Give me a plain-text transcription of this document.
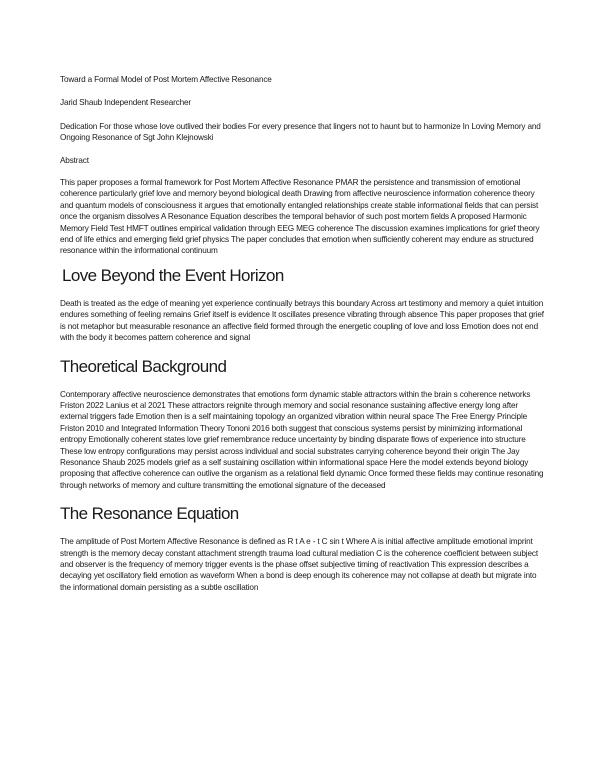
Toward a Formal Model of Post Mortem Affective Resonance

Jarid Shaub Independent Researcher

Dedication For those whose love outlived their bodies For every presence that lingers not to haunt but to harmonize In Loving Memory and Ongoing Resonance of Sgt John Klejnowski

Abstract

This paper proposes a formal framework for Post Mortem Affective Resonance PMAR the persistence and transmission of emotional coherence particularly grief love and memory beyond biological death Drawing from affective neuroscience information coherence theory and quantum models of consciousness it argues that emotionally entangled relationships create stable informational fields that can persist once the organism dissolves A Resonance Equation describes the temporal behavior of such post mortem fields A proposed Harmonic Memory Field Test HMFT outlines empirical validation through EEG MEG coherence The discussion examines implications for grief theory end of life ethics and emerging field grief physics The paper concludes that emotion when sufficiently coherent may endure as structured resonance within the informational continuum

Love Beyond the Event Horizon

Death is treated as the edge of meaning yet experience continually betrays this boundary Across art testimony and memory a quiet intuition endures something of feeling remains Grief itself is evidence It oscillates presence vibrating through absence This paper proposes that grief is not metaphor but measurable resonance an affective field formed through the energetic coupling of love and loss Emotion does not end with the body it becomes pattern coherence and signal

Theoretical Background

Contemporary affective neuroscience demonstrates that emotions form dynamic stable attractors within the brain s coherence networks Friston 2022 Lanius et al 2021 These attractors reignite through memory and social resonance sustaining affective energy long after external triggers fade Emotion then is a self maintaining topology an organized vibration within neural space The Free Energy Principle Friston 2010 and Integrated Information Theory Tononi 2016 both suggest that conscious systems persist by minimizing informational entropy Emotionally coherent states love grief remembrance reduce uncertainty by binding disparate flows of experience into structure These low entropy configurations may persist across individual and social substrates carrying coherence beyond their origin The Jay Resonance Shaub 2025 models grief as a self sustaining oscillation within informational space Here the model extends beyond biology proposing that affective coherence can outlive the organism as a relational field dynamic Once formed these fields may continue resonating through networks of memory and culture transmitting the emotional signature of the deceased

The Resonance Equation

The amplitude of Post Mortem Affective Resonance is defined as R t A e - t C sin t Where A is initial affective amplitude emotional imprint strength is the memory decay constant attachment strength trauma load cultural mediation C is the coherence coefficient between subject and observer is the frequency of memory trigger events is the phase offset subjective timing of reactivation This expression describes a decaying yet oscillatory field emotion as waveform When a bond is deep enough its coherence may not collapse at death but migrate into the informational domain persisting as a subtle oscillation
